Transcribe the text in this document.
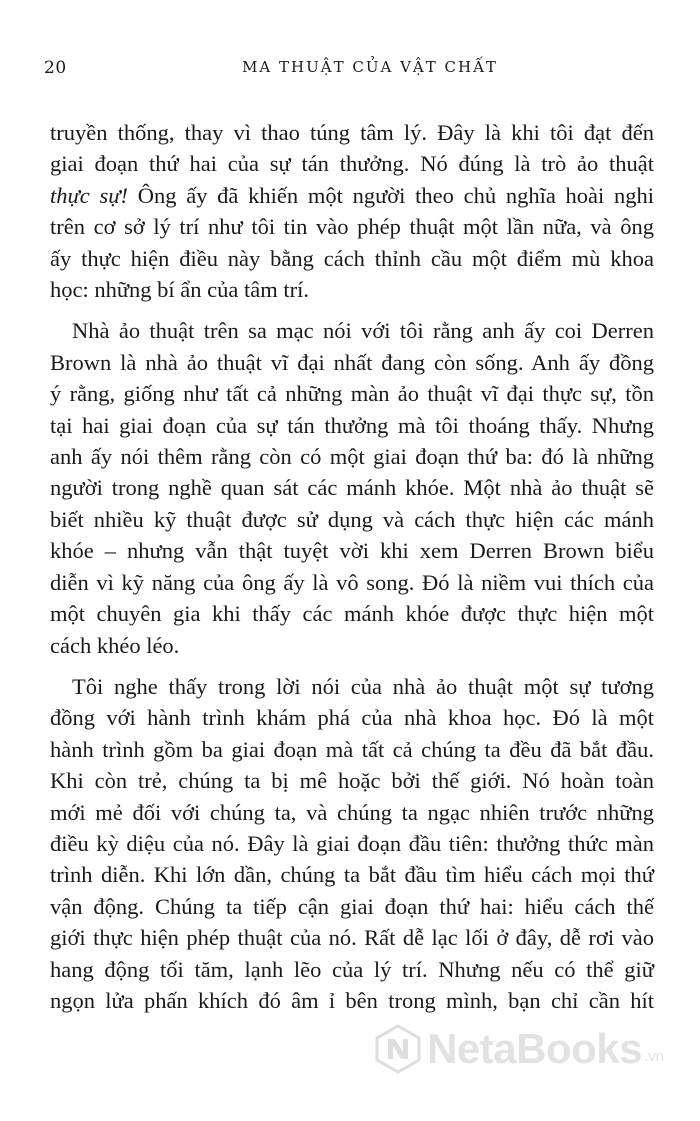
20	MA THUẬT CỦA VẬT CHẤT

truyền thống, thay vì thao túng tâm lý. Đây là khi tôi đạt đến
giai đoạn thứ hai của sự tán thưởng. Nó đúng là trò ảo thuật
thực sự! Ông ấy đã khiến một người theo chủ nghĩa hoài nghi
trên cơ sở lý trí như tôi tin vào phép thuật một lần nữa, và ông
ấy thực hiện điều này bằng cách thỉnh cầu một điểm mù khoa
học: những bí ẩn của tâm trí.

Nhà ảo thuật trên sa mạc nói với tôi rằng anh ấy coi Derren
Brown là nhà ảo thuật vĩ đại nhất đang còn sống. Anh ấy đồng
ý rằng, giống như tất cả những màn ảo thuật vĩ đại thực sự, tồn
tại hai giai đoạn của sự tán thưởng mà tôi thoáng thấy. Nhưng
anh ấy nói thêm rằng còn có một giai đoạn thứ ba: đó là những
người trong nghề quan sát các mánh khóe. Một nhà ảo thuật sẽ
biết nhiều kỹ thuật được sử dụng và cách thực hiện các mánh
khóe – nhưng vẫn thật tuyệt vời khi xem Derren Brown biểu
diễn vì kỹ năng của ông ấy là vô song. Đó là niềm vui thích của
một chuyên gia khi thấy các mánh khóe được thực hiện một
cách khéo léo.

Tôi nghe thấy trong lời nói của nhà ảo thuật một sự tương
đồng với hành trình khám phá của nhà khoa học. Đó là một
hành trình gồm ba giai đoạn mà tất cả chúng ta đều đã bắt đầu.
Khi còn trẻ, chúng ta bị mê hoặc bởi thế giới. Nó hoàn toàn
mới mẻ đối với chúng ta, và chúng ta ngạc nhiên trước những
điều kỳ diệu của nó. Đây là giai đoạn đầu tiên: thưởng thức màn
trình diễn. Khi lớn dần, chúng ta bắt đầu tìm hiểu cách mọi thứ
vận động. Chúng ta tiếp cận giai đoạn thứ hai: hiểu cách thế
giới thực hiện phép thuật của nó. Rất dễ lạc lối ở đây, dễ rơi vào
hang động tối tăm, lạnh lẽo của lý trí. Nhưng nếu có thể giữ
ngọn lửa phấn khích đó âm ỉ bên trong mình, bạn chỉ cần hít

NetaBooks .vn
